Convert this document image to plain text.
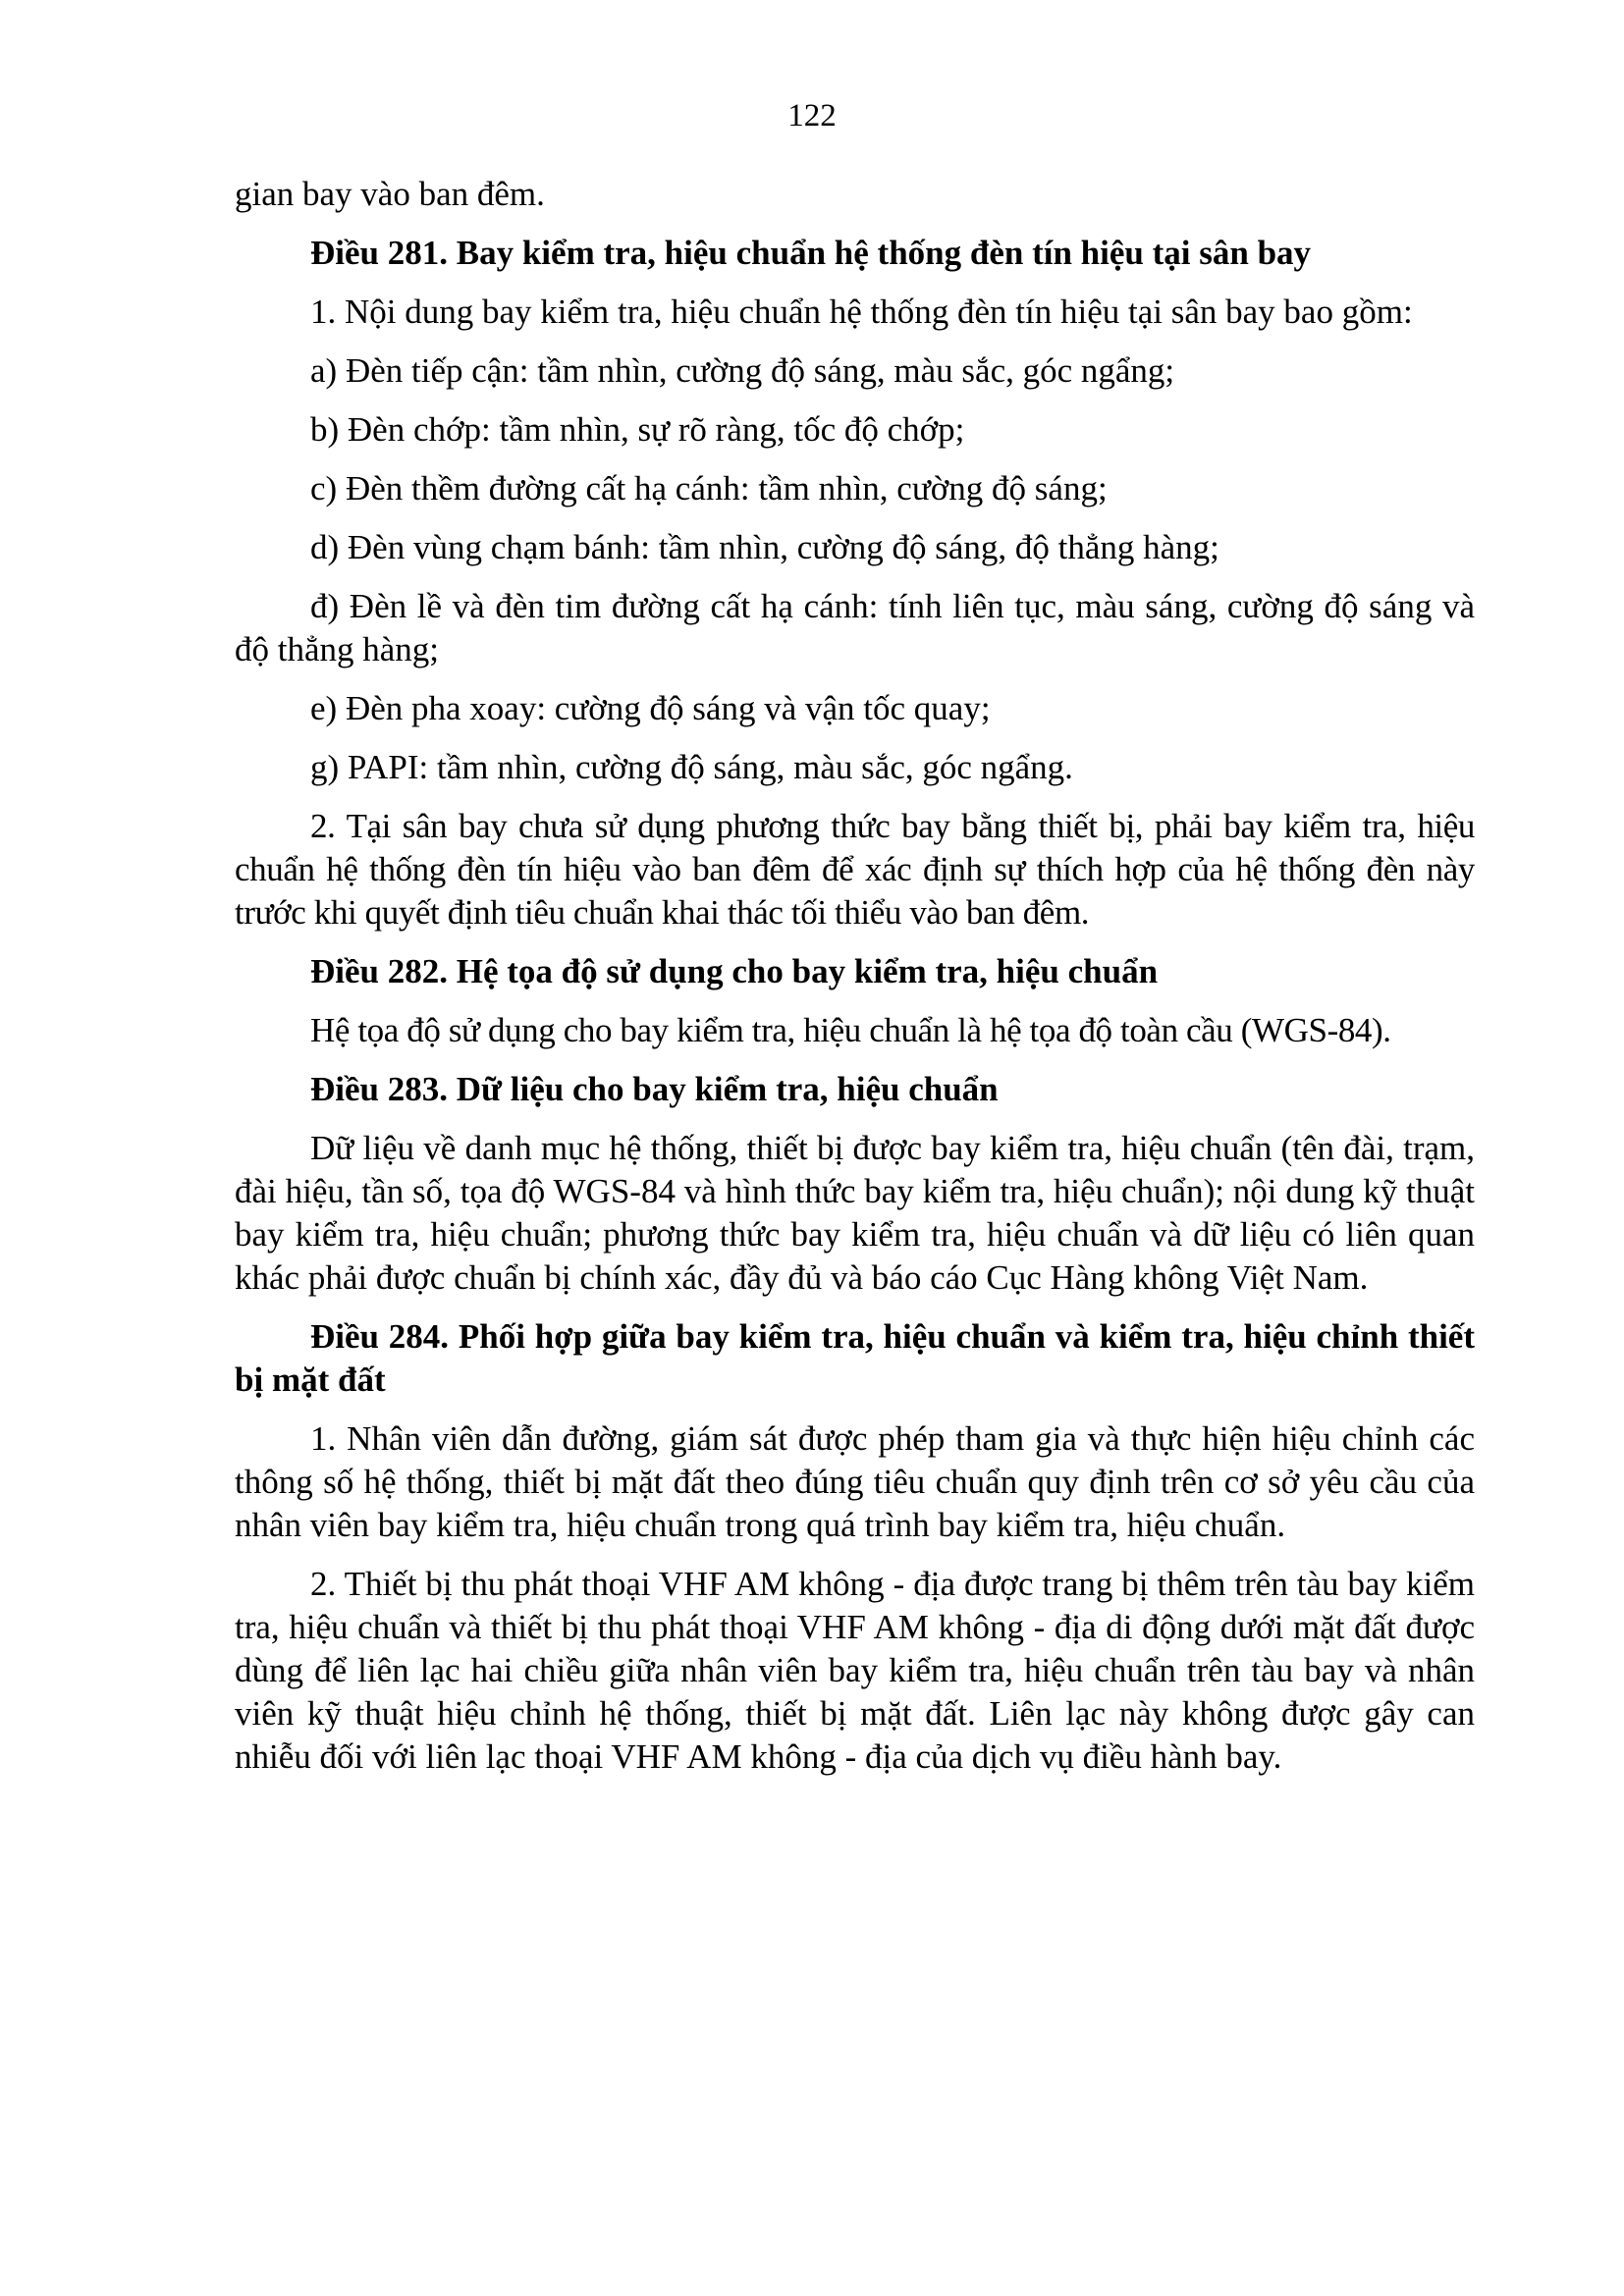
122

gian bay vào ban đêm.

Điều 281. Bay kiểm tra, hiệu chuẩn hệ thống đèn tín hiệu tại sân bay

1. Nội dung bay kiểm tra, hiệu chuẩn hệ thống đèn tín hiệu tại sân bay bao gồm:

a) Đèn tiếp cận: tầm nhìn, cường độ sáng, màu sắc, góc ngẩng;

b) Đèn chớp: tầm nhìn, sự rõ ràng, tốc độ chớp;

c) Đèn thềm đường cất hạ cánh: tầm nhìn, cường độ sáng;

d) Đèn vùng chạm bánh: tầm nhìn, cường độ sáng, độ thẳng hàng;

đ) Đèn lề và đèn tim đường cất hạ cánh: tính liên tục, màu sáng, cường độ sáng và độ thẳng hàng;

e) Đèn pha xoay: cường độ sáng và vận tốc quay;

g) PAPI: tầm nhìn, cường độ sáng, màu sắc, góc ngẩng.

2. Tại sân bay chưa sử dụng phương thức bay bằng thiết bị, phải bay kiểm tra, hiệu chuẩn hệ thống đèn tín hiệu vào ban đêm để xác định sự thích hợp của hệ thống đèn này trước khi quyết định tiêu chuẩn khai thác tối thiểu vào ban đêm.

Điều 282. Hệ tọa độ sử dụng cho bay kiểm tra, hiệu chuẩn

Hệ tọa độ sử dụng cho bay kiểm tra, hiệu chuẩn là hệ tọa độ toàn cầu (WGS-84).

Điều 283. Dữ liệu cho bay kiểm tra, hiệu chuẩn

Dữ liệu về danh mục hệ thống, thiết bị được bay kiểm tra, hiệu chuẩn (tên đài, trạm, đài hiệu, tần số, tọa độ WGS-84 và hình thức bay kiểm tra, hiệu chuẩn); nội dung kỹ thuật bay kiểm tra, hiệu chuẩn; phương thức bay kiểm tra, hiệu chuẩn và dữ liệu có liên quan khác phải được chuẩn bị chính xác, đầy đủ và báo cáo Cục Hàng không Việt Nam.

Điều 284. Phối hợp giữa bay kiểm tra, hiệu chuẩn và kiểm tra, hiệu chỉnh thiết bị mặt đất

1. Nhân viên dẫn đường, giám sát được phép tham gia và thực hiện hiệu chỉnh các thông số hệ thống, thiết bị mặt đất theo đúng tiêu chuẩn quy định trên cơ sở yêu cầu của nhân viên bay kiểm tra, hiệu chuẩn trong quá trình bay kiểm tra, hiệu chuẩn.

2. Thiết bị thu phát thoại VHF AM không - địa được trang bị thêm trên tàu bay kiểm tra, hiệu chuẩn và thiết bị thu phát thoại VHF AM không - địa di động dưới mặt đất được dùng để liên lạc hai chiều giữa nhân viên bay kiểm tra, hiệu chuẩn trên tàu bay và nhân viên kỹ thuật hiệu chỉnh hệ thống, thiết bị mặt đất. Liên lạc này không được gây can nhiễu đối với liên lạc thoại VHF AM không - địa của dịch vụ điều hành bay.
